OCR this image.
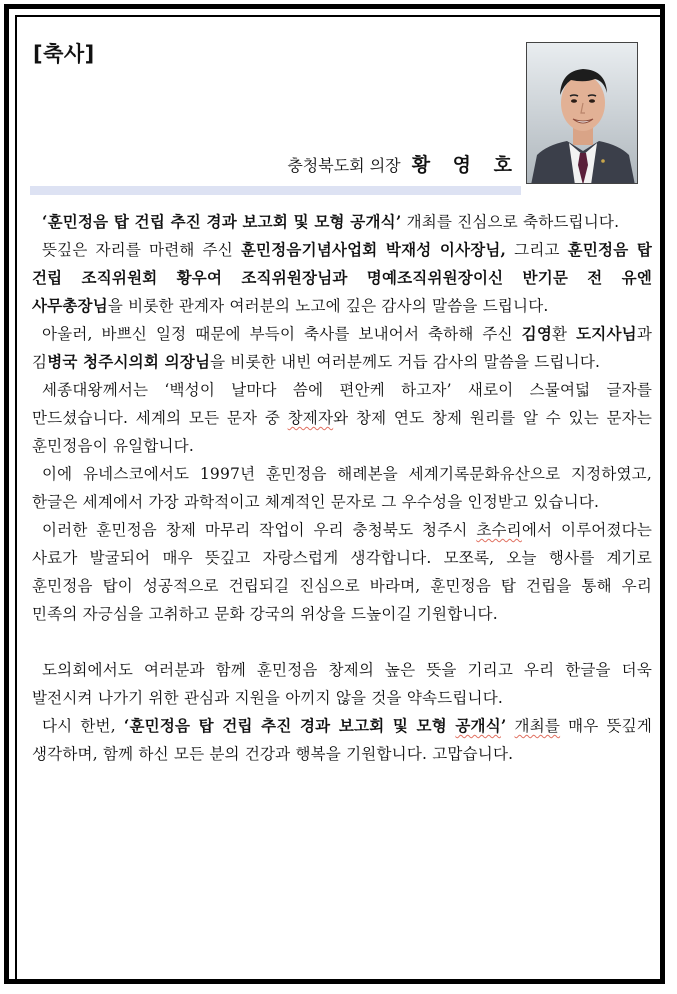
[축사]
충청북도회 의장 황 영 호

‘훈민정음 탑 건립 추진 경과 보고회 및 모형 공개식’ 개최를 진심으로 축하드립니다.

뜻깊은 자리를 마련해 주신 훈민정음기념사업회 박재성 이사장님, 그리고 훈민정음 탑 건립 조직위원회 황우여 조직위원장님과 명예조직위원장이신 반기문 전 유엔 사무총장님을 비롯한 관계자 여러분의 노고에 깊은 감사의 말씀을 드립니다.

아울러, 바쁘신 일정 때문에 부득이 축사를 보내어서 축하해 주신 김영환 도지사님과 김병국 청주시의회 의장님을 비롯한 내빈 여러분께도 거듭 감사의 말씀을 드립니다.

세종대왕께서는 ‘백성이 날마다 씀에 편안케 하고자’ 새로이 스물여덟 글자를 만드셨습니다. 세계의 모든 문자 중 창제자와 창제 연도 창제 원리를 알 수 있는 문자는 훈민정음이 유일합니다.

이에 유네스코에서도 1997년 훈민정음 해례본을 세계기록문화유산으로 지정하였고, 한글은 세계에서 가장 과학적이고 체계적인 문자로 그 우수성을 인정받고 있습니다.

이러한 훈민정음 창제 마무리 작업이 우리 충청북도 청주시 초수리에서 이루어졌다는 사료가 발굴되어 매우 뜻깊고 자랑스럽게 생각합니다. 모쪼록, 오늘 행사를 계기로 훈민정음 탑이 성공적으로 건립되길 진심으로 바라며, 훈민정음 탑 건립을 통해 우리 민족의 자긍심을 고취하고 문화 강국의 위상을 드높이길 기원합니다.

도의회에서도 여러분과 함께 훈민정음 창제의 높은 뜻을 기리고 우리 한글을 더욱 발전시켜 나가기 위한 관심과 지원을 아끼지 않을 것을 약속드립니다.

다시 한번, ‘훈민정음 탑 건립 추진 경과 보고회 및 모형 공개식’ 개최를 매우 뜻깊게 생각하며, 함께 하신 모든 분의 건강과 행복을 기원합니다. 고맙습니다.
